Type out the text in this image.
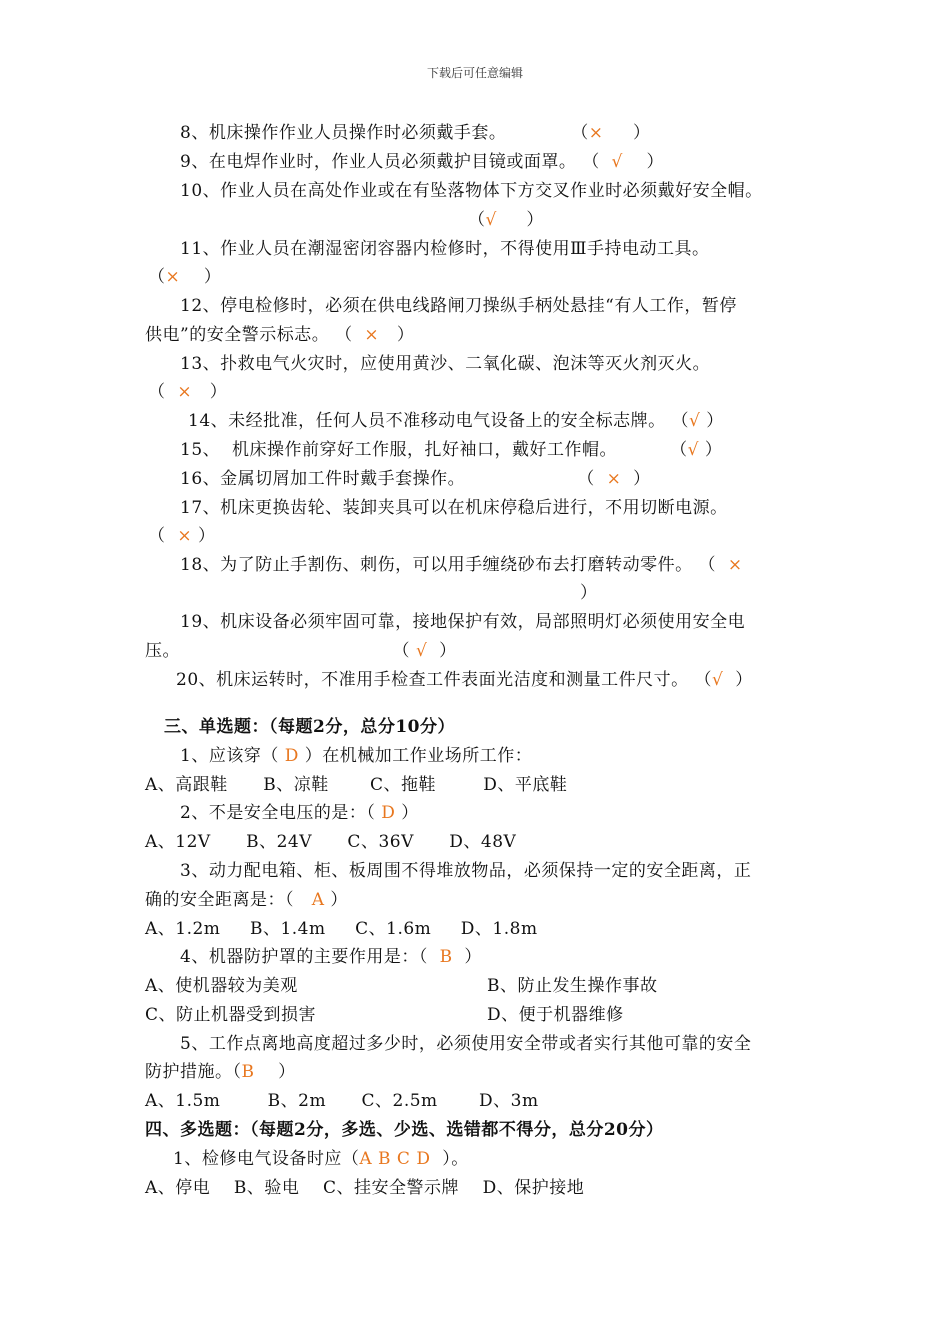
下载后可任意编辑
8、机床操作作业人员操作时必须戴手套。           （×     ）
9、在电焊作业时，作业人员必须戴护目镜或面罩。 （  √    ）
10、作业人员在高处作业或在有坠落物体下方交叉作业时必须戴好安全帽。
（√     ）
11、作业人员在潮湿密闭容器内检修时，不得使用Ⅲ手持电动工具。
（×    ）
12、停电检修时，必须在供电线路闸刀操纵手柄处悬挂“有人工作，暂停
供电”的安全警示标志。 （  ×   ）
13、扑救电气火灾时，应使用黄沙、二氧化碳、泡沫等灭火剂灭火。
（  ×   ）
14、未经批准，任何人员不准移动电气设备上的安全标志牌。 （√ ）
15、  机床操作前穿好工作服，扎好袖口，戴好工作帽。         （√ ）
16、金属切屑加工件时戴手套操作。                   （  ×  ）
17、机床更换齿轮、装卸夹具可以在机床停稳后进行，不用切断电源。
（  × ）
18、为了防止手割伤、刺伤，可以用手缠绕砂布去打磨转动零件。 （  ×
）
19、机床设备必须牢固可靠，接地保护有效，局部照明灯必须使用安全电
压。                                    （ √  ）
20、机床运转时，不准用手检查工件表面光洁度和测量工件尺寸。 （√  ）
三、单选题：（每题2分，总分10分）
1、应该穿（ D ）在机械加工作业场所工作：
A、高跟鞋      B、凉鞋       C、拖鞋        D、平底鞋
2、不是安全电压的是：（ D ）
A、12V      B、24V      C、36V      D、48V
3、动力配电箱、柜、板周围不得堆放物品，必须保持一定的安全距离，正
确的安全距离是：（   A ）
A、1.2m     B、1.4m     C、1.6m     D、1.8m
4、机器防护罩的主要作用是：（  B  ）
A、使机器较为美观	B、防止发生操作事故
C、防止机器受到损害	D、便于机器维修
5、工作点离地高度超过多少时，必须使用安全带或者实行其他可靠的安全
防护措施。（B    ）
A、1.5m        B、2m      C、2.5m       D、3m
四、多选题：（每题2分，多选、少选、选错都不得分，总分20分）
1、检修电气设备时应（A B C D  ）。
A、停电    B、验电    C、挂安全警示牌    D、保护接地
